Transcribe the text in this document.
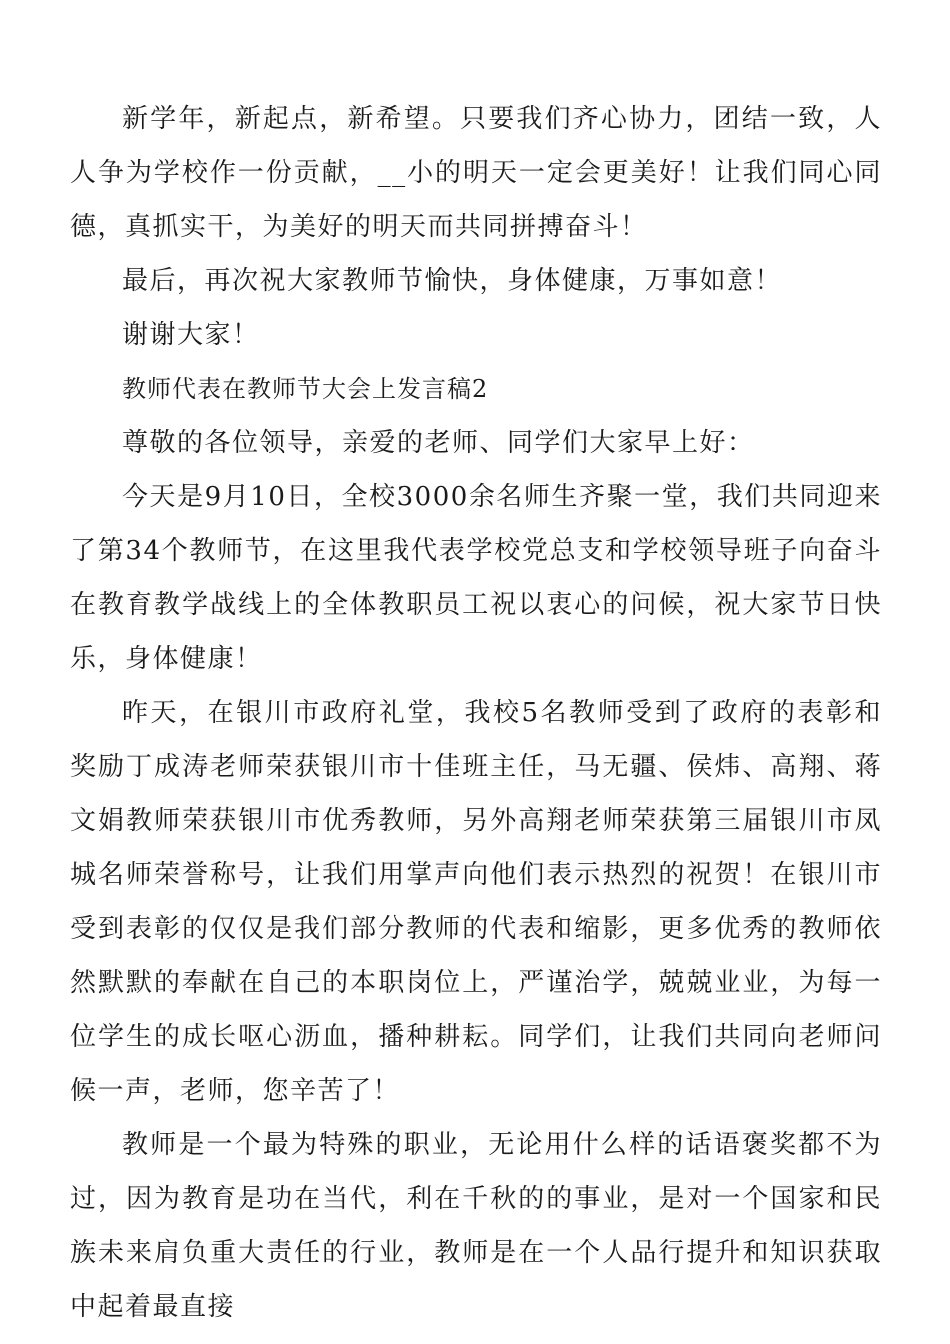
新学年，新起点，新希望。只要我们齐心协力，团结一致，人人争为学校作一份贡献，__小的明天一定会更美好！让我们同心同德，真抓实干，为美好的明天而共同拼搏奋斗！

最后，再次祝大家教师节愉快，身体健康，万事如意！

谢谢大家！

教师代表在教师节大会上发言稿2

尊敬的各位领导，亲爱的老师、同学们大家早上好：

今天是9月10日，全校3000余名师生齐聚一堂，我们共同迎来了第34个教师节，在这里我代表学校党总支和学校领导班子向奋斗在教育教学战线上的全体教职员工祝以衷心的问候，祝大家节日快乐，身体健康！

昨天，在银川市政府礼堂，我校5名教师受到了政府的表彰和奖励丁成涛老师荣获银川市十佳班主任，马无疆、侯炜、高翔、蒋文娟教师荣获银川市优秀教师，另外高翔老师荣获第三届银川市凤城名师荣誉称号，让我们用掌声向他们表示热烈的祝贺！在银川市受到表彰的仅仅是我们部分教师的代表和缩影，更多优秀的教师依然默默的奉献在自己的本职岗位上，严谨治学，兢兢业业，为每一位学生的成长呕心沥血，播种耕耘。同学们，让我们共同向老师问候一声，老师，您辛苦了！

教师是一个最为特殊的职业，无论用什么样的话语褒奖都不为过，因为教育是功在当代，利在千秋的的事业，是对一个国家和民族未来肩负重大责任的行业，教师是在一个人品行提升和知识获取中起着最直接
